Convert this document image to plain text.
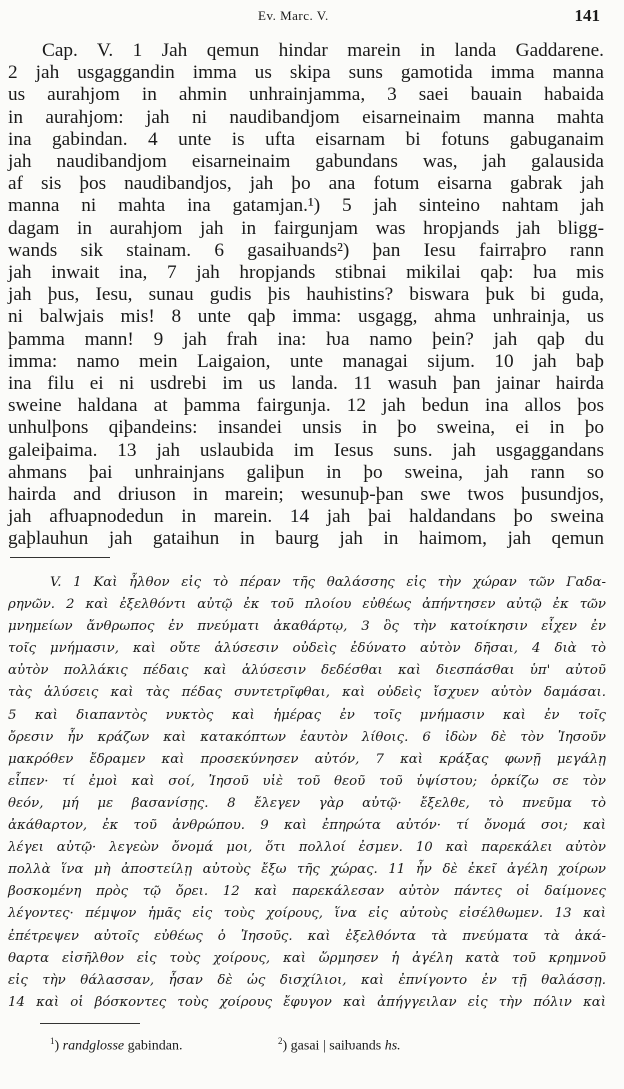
Ev. Marc. V.	141
Cap. V. 1 Jah qemun hindar marein in landa Gaddarene.
2 jah usgaggandin imma us skipa suns gamotida imma manna
us aurahjom in ahmin unhrainjamma, 3 saei bauain habaida
in aurahjom: jah ni naudibandjom eisarneinaim manna mahta
ina gabindan. 4 unte is uftа eisarnam bi fotuns gabuganaim
jah naudibandjom eisarneinaim gabundans was, jah galausida
af sis þos naudibandjos, jah þo ana fotum eisarna gabrak jah
manna ni mahta ina gatamjan.¹) 5 jah sinteino nahtam jah
dagam in aurahjom jah in fairgunjam was hropjands jah bligg-
wands sik stainam. 6 gasaiƕands²) þan Iesu fairraþro rann
jah inwait ina, 7 jah hropjands stibnai mikilai qaþ: ƕa mis
jah þus, Iesu, sunau gudis þis hauhistins? biswara þuk bi guda,
ni balwjais mis! 8 unte qaþ imma: usgagg, ahma unhrainja, us
þamma mann! 9 jah frah ina: ƕa namo þein? jah qaþ du
imma: namo mein Laigaion, unte managai sijum. 10 jah baþ
ina filu ei ni usdrebi im us landa. 11 wasuh þan jainar hairda
sweine haldana at þamma fairgunja. 12 jah bedun ina allos þos
unhulþons qiþandeins: insandei unsis in þo sweina, ei in þo
galeiþaima. 13 jah uslaubida im Iesus suns. jah usgaggandans
ahmans þai unhrainjans galiþun in þo sweina, jah rann so
hairda and driuson in marein; wesunuþ-þan swe twos þusundjos,
jah afƕapnodedun in marein. 14 jah þai haldandans þo sweina
gaþlauhun jah gataihun in baurg jah in haimom, jah qemun
V. 1 Καὶ ἦλθον εἰς τὸ πέραν τῆς θαλάσσης εἰς τὴν χώραν τῶν Γαδα-
ρηνῶν. 2 καὶ ἐξελθόντι αὐτῷ ἐκ τοῦ πλοίου εὐθέως ἀπήντησεν αὐτῷ ἐκ τῶν
μνημείων ἄνθρωπος ἐν πνεύματι ἀκαθάρτῳ, 3 ὃς τὴν κατοίκησιν εἶχεν ἐν
τοῖς μνήμασιν, καὶ οὔτε ἁλύσεσιν οὐδεὶς ἐδύνατο αὐτὸν δῆσαι, 4 διὰ τὸ
αὐτὸν πολλάκις πέδαις καὶ ἁλύσεσιν δεδέσθαι καὶ διεσπάσθαι ὑπ' αὐτοῦ
τὰς ἁλύσεις καὶ τὰς πέδας συντετρῖφθαι, καὶ οὐδεὶς ἴσχυεν αὐτὸν δαμάσαι.
5 καὶ διαπαντὸς νυκτὸς καὶ ἡμέρας ἐν τοῖς μνήμασιν καὶ ἐν τοῖς
ὄρεσιν ἦν κράζων καὶ κατακόπτων ἑαυτὸν λίθοις. 6 ἰδὼν δὲ τὸν Ἰησοῦν
μακρόθεν ἔδραμεν καὶ προσεκύνησεν αὐτόν, 7 καὶ κράξας φωνῇ μεγάλῃ
εἶπεν· τί ἐμοὶ καὶ σοί, Ἰησοῦ υἱὲ τοῦ θεοῦ τοῦ ὑψίστου; ὁρκίζω σε τὸν
θεόν, μή με βασανίσῃς. 8 ἔλεγεν γὰρ αὐτῷ· ἔξελθε, τὸ πνεῦμα τὸ
ἀκάθαρτον, ἐκ τοῦ ἀνθρώπου. 9 καὶ ἐπηρώτα αὐτόν· τί ὄνομά σοι; καὶ
λέγει αὐτῷ· λεγεὼν ὄνομά μοι, ὅτι πολλοί ἐσμεν. 10 καὶ παρεκάλει αὐτὸν
πολλὰ ἵνα μὴ ἀποστείλῃ αὐτοὺς ἔξω τῆς χώρας. 11 ἦν δὲ ἐκεῖ ἀγέλη χοίρων
βοσκομένη πρὸς τῷ ὄρει. 12 καὶ παρεκάλεσαν αὐτὸν πάντες οἱ δαίμονες
λέγοντες· πέμψον ἡμᾶς εἰς τοὺς χοίρους, ἵνα εἰς αὐτοὺς εἰσέλθωμεν. 13 καὶ
ἐπέτρεψεν αὐτοῖς εὐθέως ὁ Ἰησοῦς. καὶ ἐξελθόντα τὰ πνεύματα τὰ ἀκά-
θαρτα εἰσῆλθον εἰς τοὺς χοίρους, καὶ ὥρμησεν ἡ ἀγέλη κατὰ τοῦ κρημνοῦ
εἰς τὴν θάλασσαν, ἦσαν δὲ ὡς δισχίλιοι, καὶ ἐπνίγοντο ἐν τῇ θαλάσσῃ.
14 καὶ οἱ βόσκοντες τοὺς χοίρους ἔφυγον καὶ ἀπήγγειλαν εἰς τὴν πόλιν καὶ
$^1$) randglosse gabindan.	$^2$) gasai | saiƕands hs.
